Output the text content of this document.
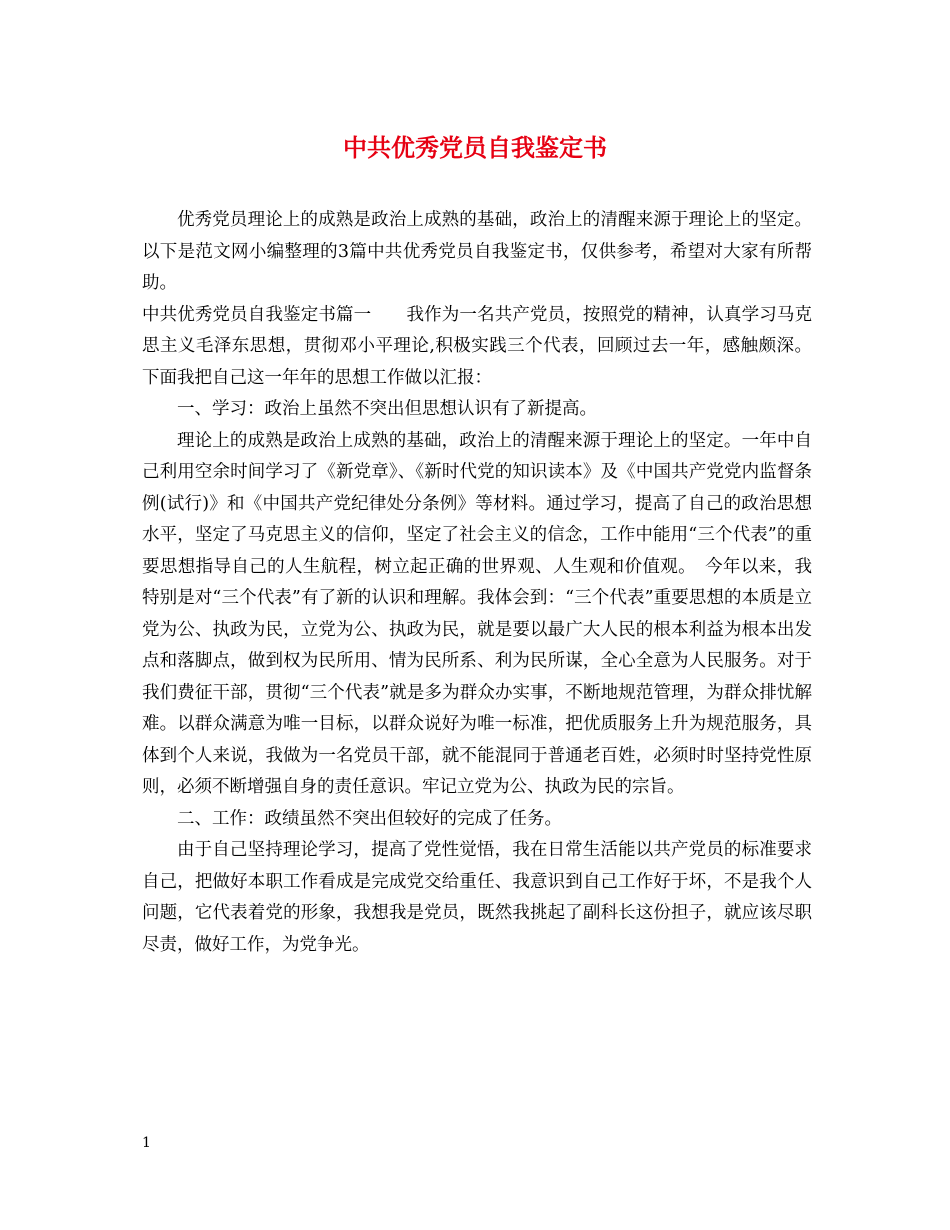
中共优秀党员自我鉴定书

优秀党员理论上的成熟是政治上成熟的基础，政治上的清醒来源于理论上的坚定。以下是范文网小编整理的3篇中共优秀党员自我鉴定书，仅供参考，希望对大家有所帮助。

中共优秀党员自我鉴定书篇一　　我作为一名共产党员，按照党的精神，认真学习马克思主义毛泽东思想，贯彻邓小平理论,积极实践三个代表，回顾过去一年，感触颇深。下面我把自己这一年年的思想工作做以汇报：

一、学习：政治上虽然不突出但思想认识有了新提高。

理论上的成熟是政治上成熟的基础，政治上的清醒来源于理论上的坚定。一年中自己利用空余时间学习了《新党章》、《新时代党的知识读本》及《中国共产党党内监督条例(试行)》和《中国共产党纪律处分条例》等材料。通过学习，提高了自己的政治思想水平，坚定了马克思主义的信仰，坚定了社会主义的信念，工作中能用“三个代表”的重要思想指导自己的人生航程，树立起正确的世界观、人生观和价值观。　今年以来，我特别是对“三个代表”有了新的认识和理解。我体会到：“三个代表”重要思想的本质是立党为公、执政为民，立党为公、执政为民，就是要以最广大人民的根本利益为根本出发点和落脚点，做到权为民所用、情为民所系、利为民所谋，全心全意为人民服务。对于我们费征干部，贯彻“三个代表”就是多为群众办实事，不断地规范管理，为群众排忧解难。以群众满意为唯一目标，以群众说好为唯一标准，把优质服务上升为规范服务，具体到个人来说，我做为一名党员干部，就不能混同于普通老百姓，必须时时坚持党性原则，必须不断增强自身的责任意识。牢记立党为公、执政为民的宗旨。

二、工作：政绩虽然不突出但较好的完成了任务。

由于自己坚持理论学习，提高了党性觉悟，我在日常生活能以共产党员的标准要求自己，把做好本职工作看成是完成党交给重任、我意识到自己工作好于坏，不是我个人问题，它代表着党的形象，我想我是党员，既然我挑起了副科长这份担子，就应该尽职尽责，做好工作，为党争光。

1
